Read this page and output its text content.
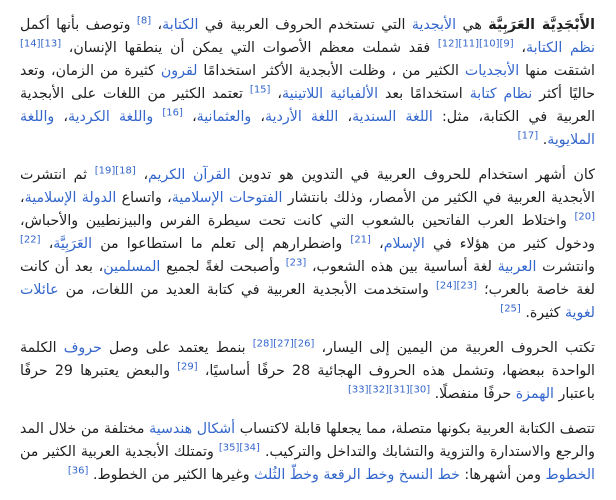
الأَبْجَدِيَّة العَرَبِيَّة هي الأبجدية التي تستخدم الحروف العربية في الكتابة، [8] وتوصف بأنها أكمل نظم الكتابة، [9][10][11][12] فقد شملت معظم الأصوات التي يمكن أن ينطقها الإنسان، [13][14] اشتقت منها الأبجديات الكثير من ، وظلت الأبجدية الأكثر استخدامًا لقرون كثيرة من الزمان، وتعد حاليًا أكثر نظام كتابة استخدامًا بعد الألفبائية اللاتينية، [15] تعتمد الكثير من اللغات على الأبجدية العربية في الكتابة، مثل: اللغة السندية، اللغة الأردية، والعثمانية، [16] واللغة الكردية، واللغة الملايوية. [17]

كان أشهر استخدام للحروف العربية في التدوين هو تدوين القرآن الكريم، [18][19] ثم انتشرت الأبجدية العربية في الكثير من الأمصار، وذلك بانتشار الفتوحات الإسلامية، واتساع الدولة الإسلامية، [20] واختلاط العرب الفاتحين بالشعوب التي كانت تحت سيطرة الفرس والبيزنطيين والأحباش، ودخول كثير من هؤلاء في الإسلام، [21] واضطرارهم إلى تعلم ما استطاعوا من العَرَبِيَّة، [22] وانتشرت العربية لغة أساسية بين هذه الشعوب، [23] وأصبحت لغةً لجميع المسلمين، بعد أن كانت لغة خاصة بالعرب؛ [23][24] واستخدمت الأبجدية العربية في كتابة العديد من اللغات، من عائلات لغوية كثيرة. [25]

تكتب الحروف العربية من اليمين إلى اليسار، [26][27][28] بنمط يعتمد على وصل حروف الكلمة الواحدة ببعضها، وتشمل هذه الحروف الهجائية 28 حرفًا أساسيًا، [29] والبعض يعتبرها 29 حرفًا باعتبار الهمزة حرفًا منفصلًا. [30][31][32][33]

تتصف الكتابة العربية بكونها متصلة، مما يجعلها قابلة لاكتساب أشكال هندسية مختلفة من خلال المد والرجع والاستدارة والتزوية والتشابك والتداخل والتركيب. [34][35] وتمتلك الأبجدية العربية الكثير من الخطوط ومن أشهرها: خط النسخ وخط الرقعة وخطّ الثُلث وغيرها الكثير من الخطوط. [36]
